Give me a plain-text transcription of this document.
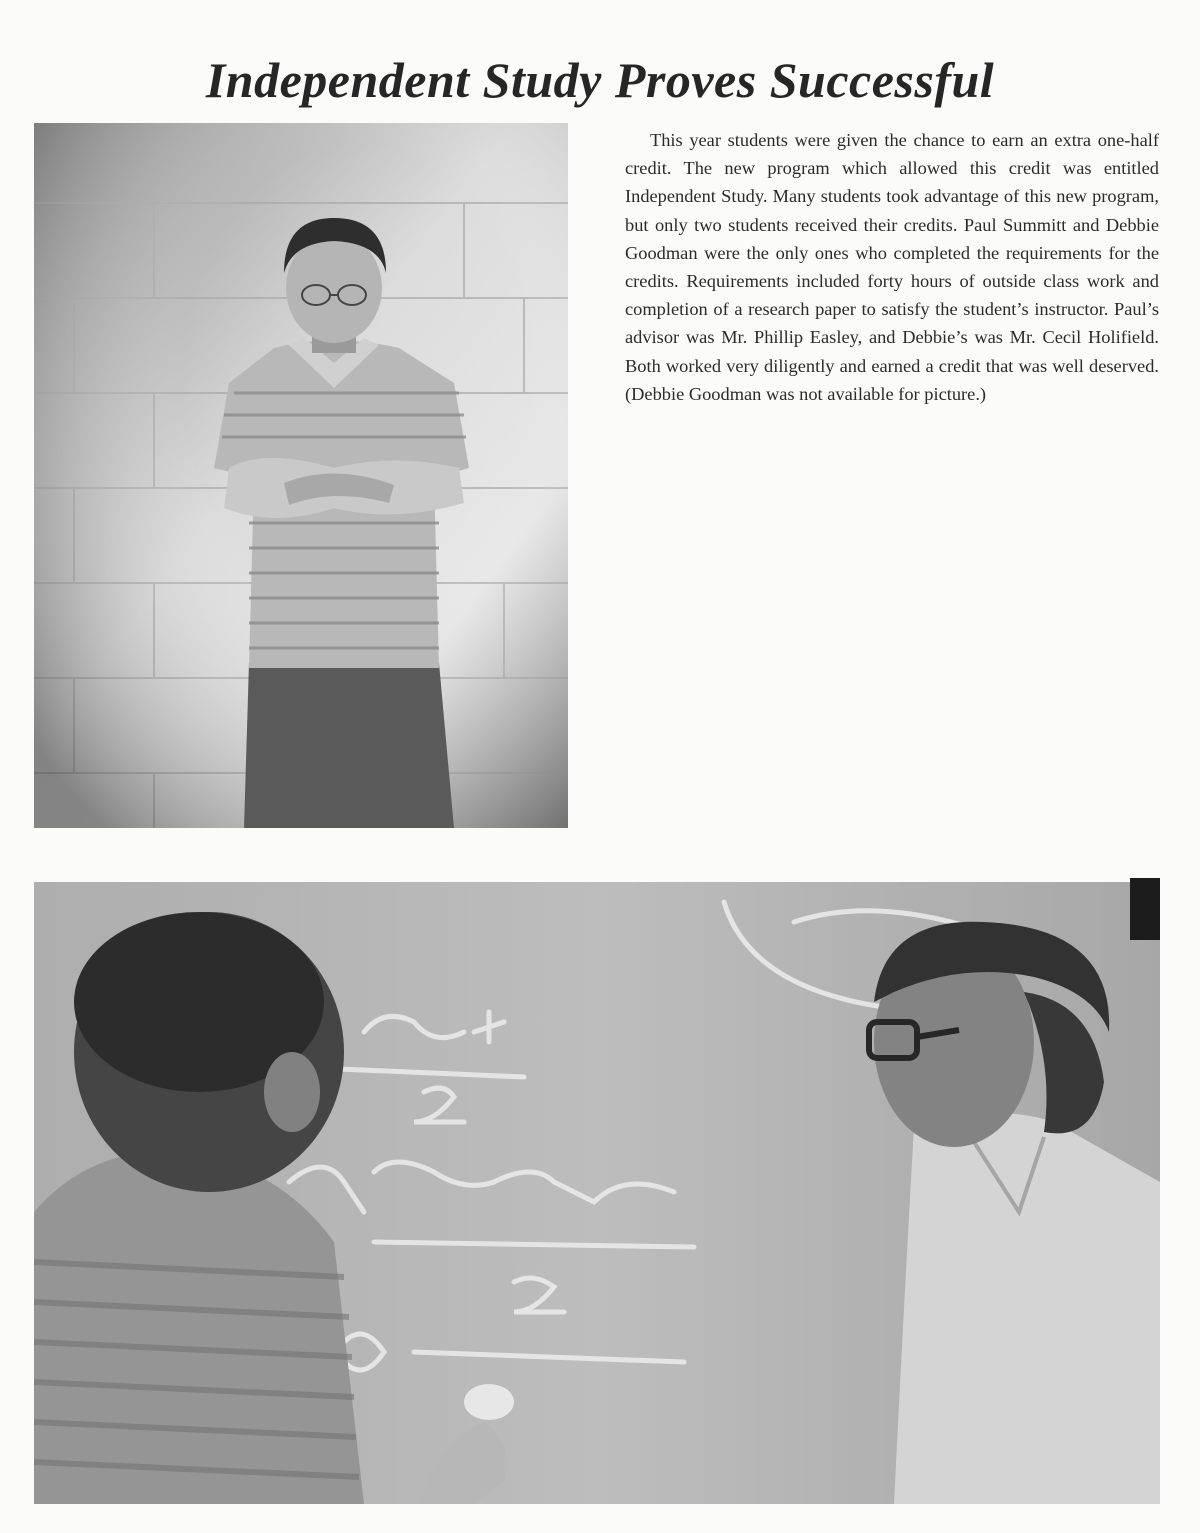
Independent Study Proves Successful

This year students were given the chance to earn an extra one-half credit. The new program which allowed this credit was entitled Independent Study. Many students took advantage of this new program, but only two students received their credits. Paul Summitt and Debbie Goodman were the only ones who completed the requirements for the credits. Requirements included forty hours of outside class work and completion of a research paper to satisfy the student’s instructor. Paul’s advisor was Mr. Phillip Easley, and Debbie’s was Mr. Cecil Holifield. Both worked very diligently and earned a credit that was well deserved. (Debbie Goodman was not available for picture.)
